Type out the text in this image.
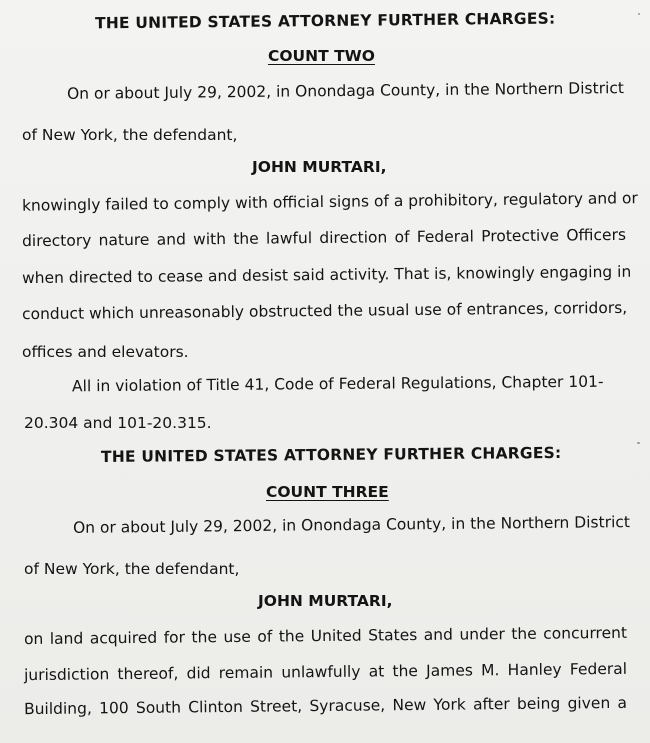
THE UNITED STATES ATTORNEY FURTHER CHARGES:
COUNT TWO
On or about July 29, 2002, in Onondaga County, in the Northern District
of New York, the defendant,
JOHN MURTARI,
knowingly failed to comply with official signs of a prohibitory, regulatory and or
directory nature and with the lawful direction of Federal Protective Officers
when directed to cease and desist said activity. That is, knowingly engaging in
conduct which unreasonably obstructed the usual use of entrances, corridors,
offices and elevators.
All in violation of Title 41, Code of Federal Regulations, Chapter 101-
20.304 and 101-20.315.
THE UNITED STATES ATTORNEY FURTHER CHARGES:
COUNT THREE
On or about July 29, 2002, in Onondaga County, in the Northern District
of New York, the defendant,
JOHN MURTARI,
on land acquired for the use of the United States and under the concurrent
jurisdiction thereof, did remain unlawfully at the James M. Hanley Federal
Building, 100 South Clinton Street, Syracuse, New York after being given a
